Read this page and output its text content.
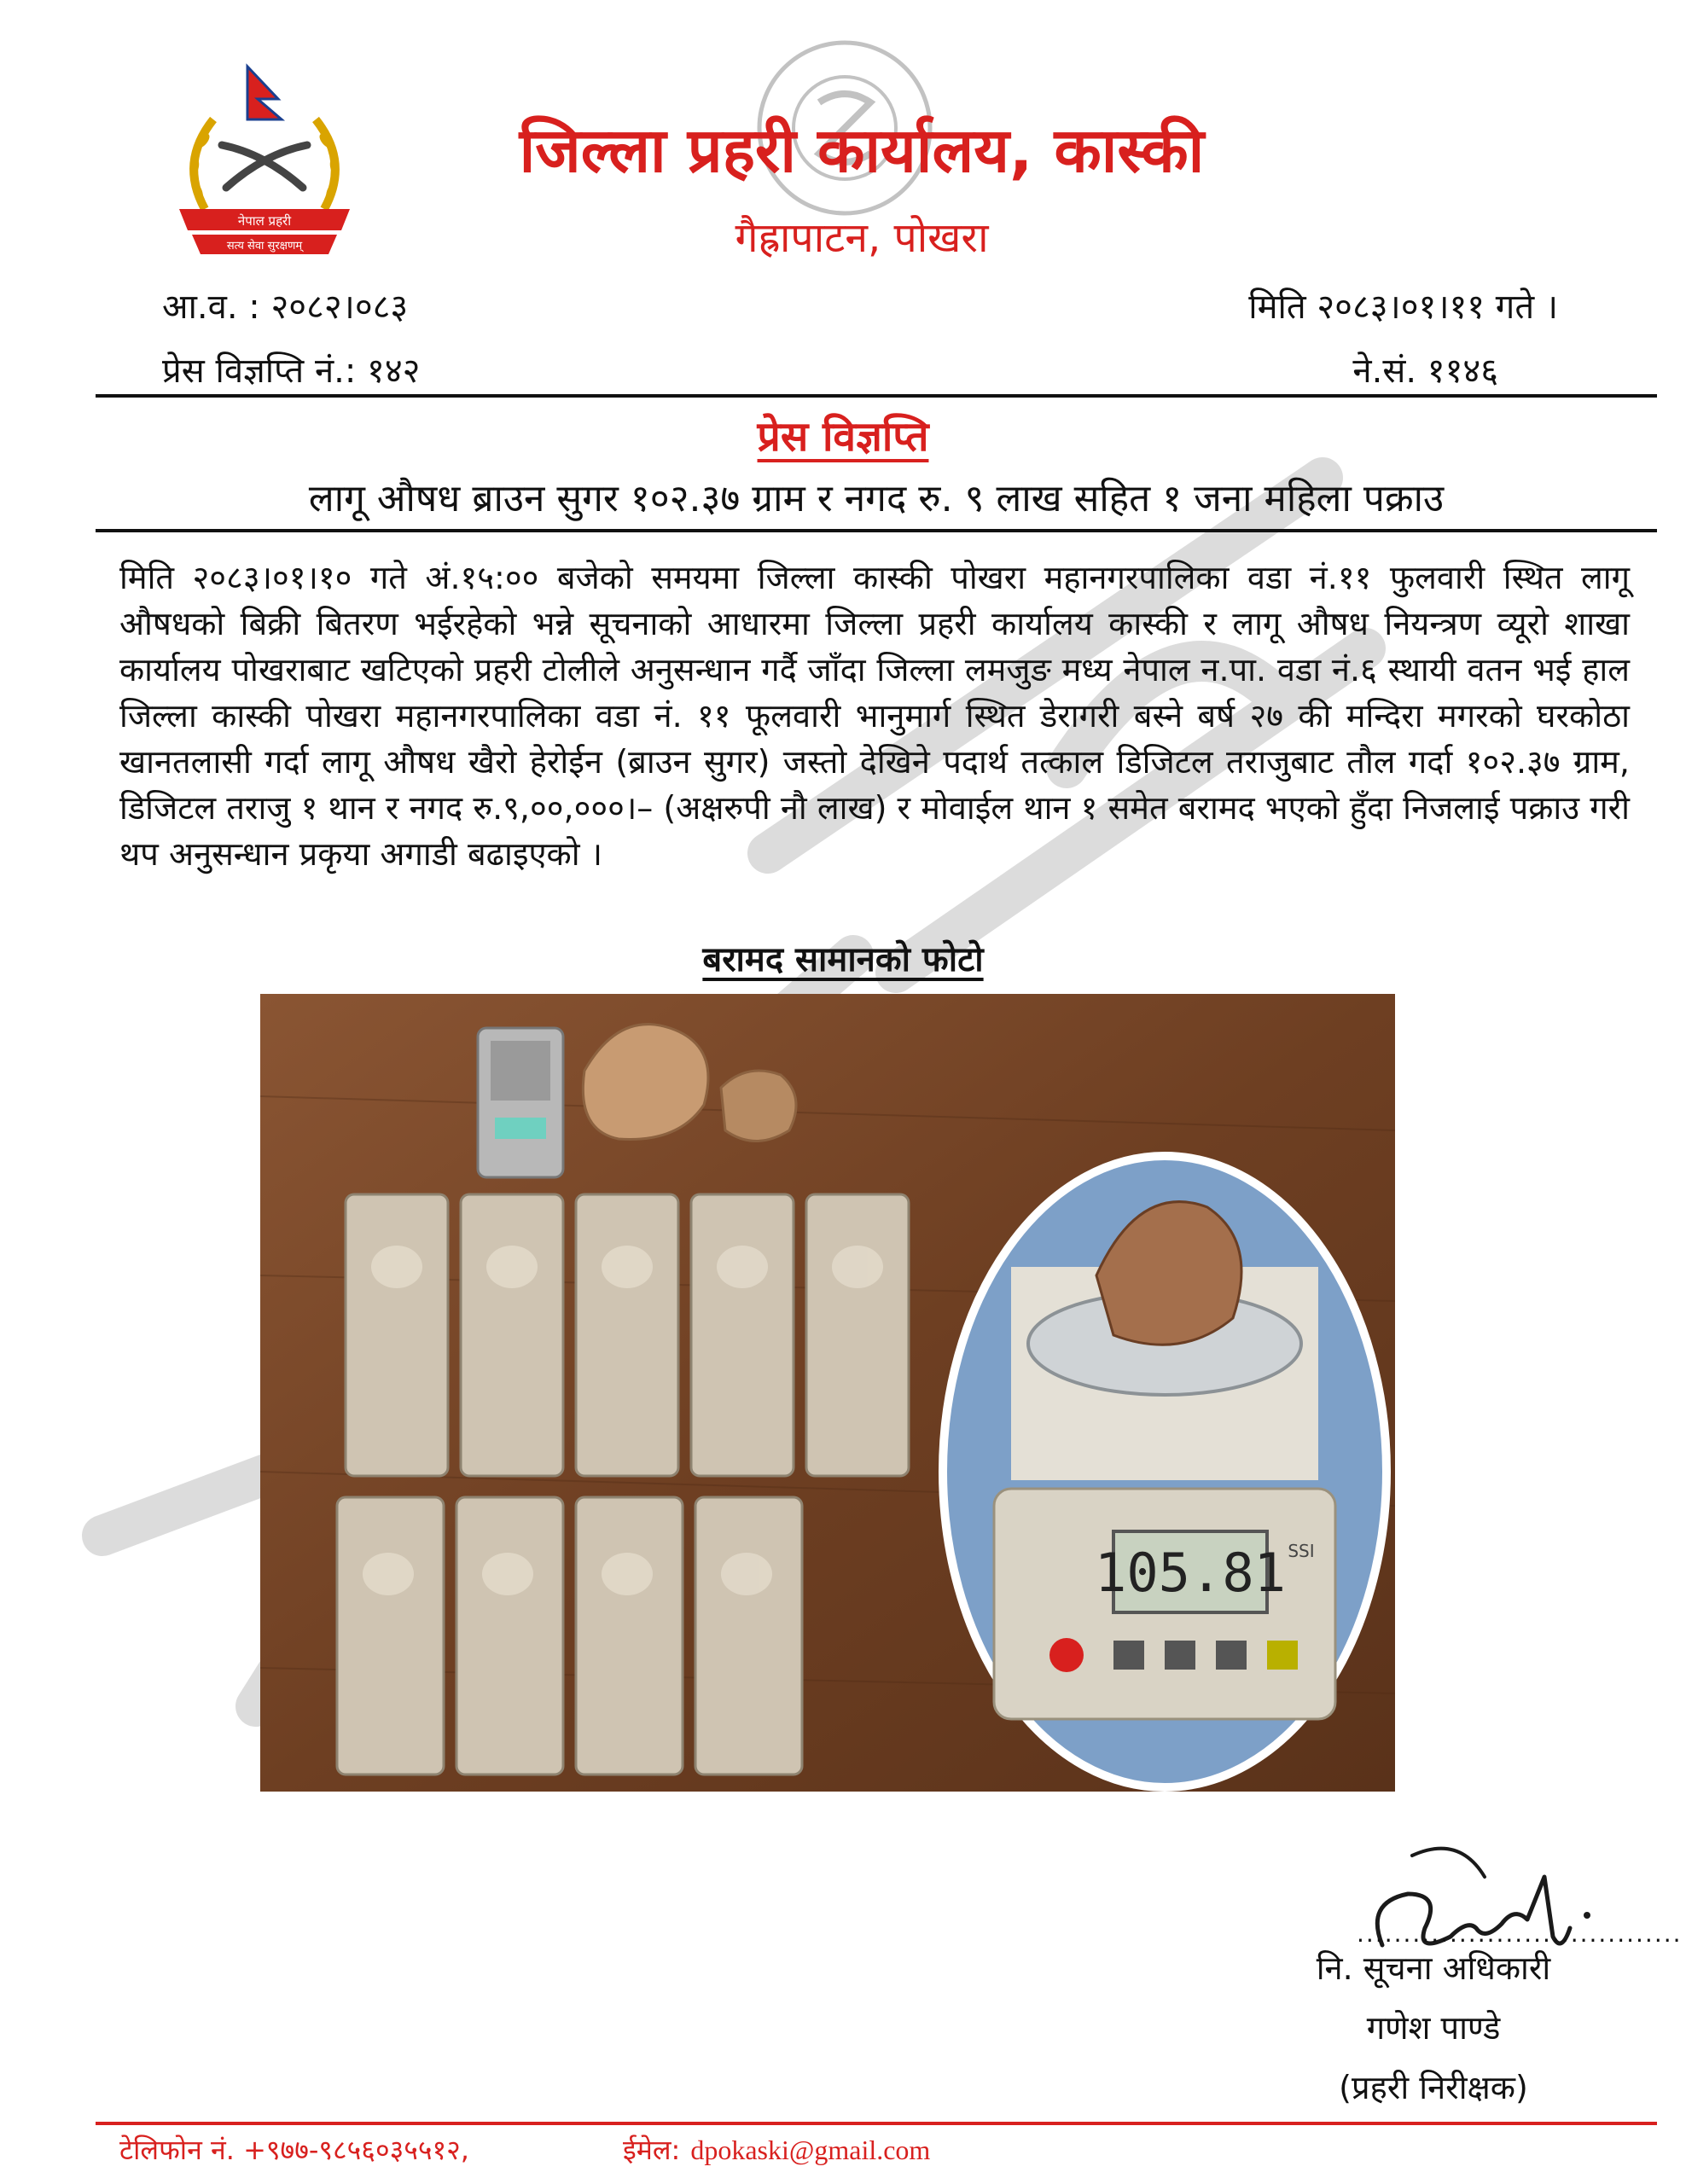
नेपाल प्रहरी
सत्य सेवा सुरक्षणम्
जिल्ला प्रहरी कार्यालय, कास्की
गैह्रापाटन, पोखरा
आ.व. : २०८२।०८३
प्रेस विज्ञप्ति नं.: १४२
मिति २०८३।०१।११ गते ।
ने.सं. ११४६
प्रेस विज्ञप्ति
लागू औषध ब्राउन सुगर १०२.३७ ग्राम र नगद रु. ९ लाख सहित १ जना महिला पक्राउ
मिति २०८३।०१।१० गते अं.१५:०० बजेको समयमा जिल्ला कास्की पोखरा महानगरपालिका वडा नं.११ फुलवारी स्थित लागू औषधको बिक्री बितरण भईरहेको भन्ने सूचनाको आधारमा जिल्ला प्रहरी कार्यालय कास्की र लागू औषध नियन्त्रण व्यूरो शाखा कार्यालय पोखराबाट खटिएको प्रहरी टोलीले अनुसन्धान गर्दै जाँदा जिल्ला लमजुङ मध्य नेपाल न.पा. वडा नं.६ स्थायी वतन भई हाल जिल्ला कास्की पोखरा महानगरपालिका वडा नं. ११ फूलवारी भानुमार्ग स्थित डेरागरी बस्ने बर्ष २७ की मन्दिरा मगरको घरकोठा खानतलासी गर्दा लागू औषध खैरो हेरोईन (ब्राउन सुगर) जस्तो देखिने पदार्थ तत्काल डिजिटल तराजुबाट तौल गर्दा १०२.३७ ग्राम, डिजिटल तराजु १ थान र नगद रु.९,००,०००।– (अक्षरुपी नौ लाख) र मोवाईल थान १ समेत बरामद भएको हुँदा निजलाई पक्राउ गरी थप अनुसन्धान प्रकृया अगाडी बढाइएको ।
बरामद सामानको फोटो
105.81 SSI
...................................
नि. सूचना अधिकारी
गणेश पाण्डे
(प्रहरी निरीक्षक)
टेलिफोन नं. +९७७-९८५६०३५५१२,	ईमेल: dpokaski@gmail.com
